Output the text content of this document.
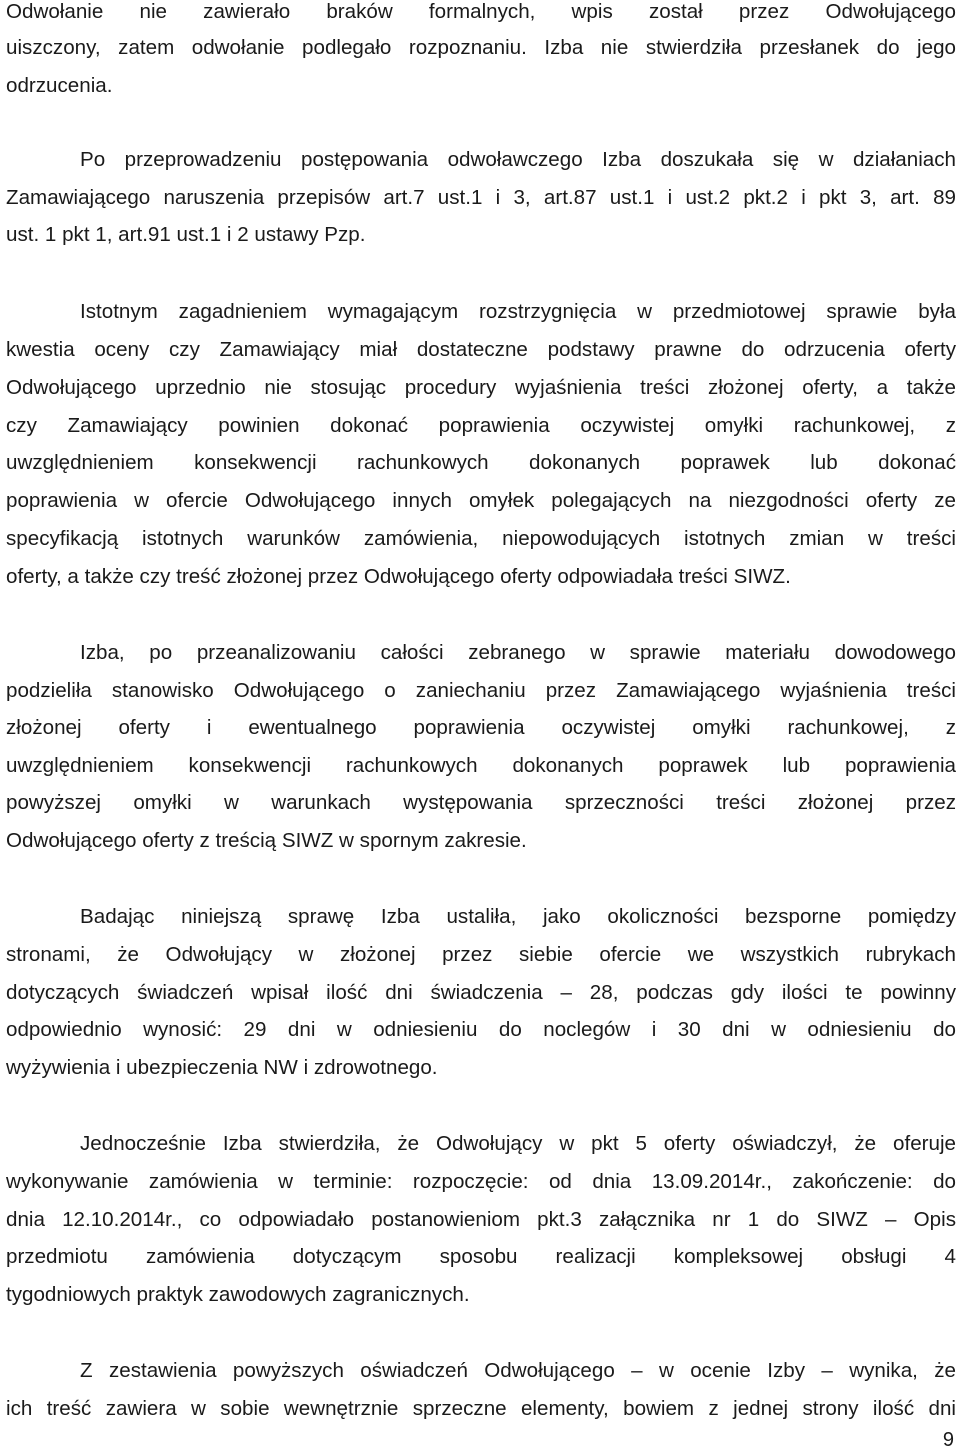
Odwołanie nie zawierało braków formalnych, wpis został przez Odwołującego
uiszczony, zatem odwołanie podlegało rozpoznaniu. Izba nie stwierdziła przesłanek do jego
odrzucenia.
Po przeprowadzeniu postępowania odwoławczego Izba doszukała się w działaniach
Zamawiającego naruszenia przepisów art.7 ust.1 i 3, art.87 ust.1 i ust.2 pkt.2 i pkt 3, art. 89
ust. 1 pkt 1, art.91 ust.1 i 2 ustawy Pzp.
Istotnym zagadnieniem wymagającym rozstrzygnięcia w przedmiotowej sprawie była
kwestia oceny czy Zamawiający miał dostateczne podstawy prawne do odrzucenia oferty
Odwołującego uprzednio nie stosując procedury wyjaśnienia treści złożonej oferty, a także
czy Zamawiający powinien dokonać poprawienia oczywistej omyłki rachunkowej, z
uwzględnieniem konsekwencji rachunkowych dokonanych poprawek lub dokonać
poprawienia w ofercie Odwołującego innych omyłek polegających na niezgodności oferty ze
specyfikacją istotnych warunków zamówienia, niepowodujących istotnych zmian w treści
oferty, a także czy treść złożonej przez Odwołującego oferty odpowiadała treści SIWZ.
Izba, po przeanalizowaniu całości zebranego w sprawie materiału dowodowego
podzieliła stanowisko Odwołującego o zaniechaniu przez Zamawiającego wyjaśnienia treści
złożonej oferty i ewentualnego poprawienia oczywistej omyłki rachunkowej, z
uwzględnieniem konsekwencji rachunkowych dokonanych poprawek lub poprawienia
powyższej omyłki w warunkach występowania sprzeczności treści złożonej przez
Odwołującego oferty z treścią SIWZ w spornym zakresie.
Badając niniejszą sprawę Izba ustaliła, jako okoliczności bezsporne pomiędzy
stronami, że Odwołujący w złożonej przez siebie ofercie we wszystkich rubrykach
dotyczących świadczeń wpisał ilość dni świadczenia – 28, podczas gdy ilości te powinny
odpowiednio wynosić: 29 dni w odniesieniu do noclegów i 30 dni w odniesieniu do
wyżywienia i ubezpieczenia NW i zdrowotnego.
Jednocześnie Izba stwierdziła, że Odwołujący w pkt 5 oferty oświadczył, że oferuje
wykonywanie zamówienia w terminie: rozpoczęcie: od dnia 13.09.2014r., zakończenie: do
dnia 12.10.2014r., co odpowiadało postanowieniom pkt.3 załącznika nr 1 do SIWZ – Opis
przedmiotu zamówienia dotyczącym sposobu realizacji kompleksowej obsługi 4
tygodniowych praktyk zawodowych zagranicznych.
Z zestawienia powyższych oświadczeń Odwołującego – w ocenie Izby – wynika, że
ich treść zawiera w sobie wewnętrznie sprzeczne elementy, bowiem z jednej strony ilość dni
9
